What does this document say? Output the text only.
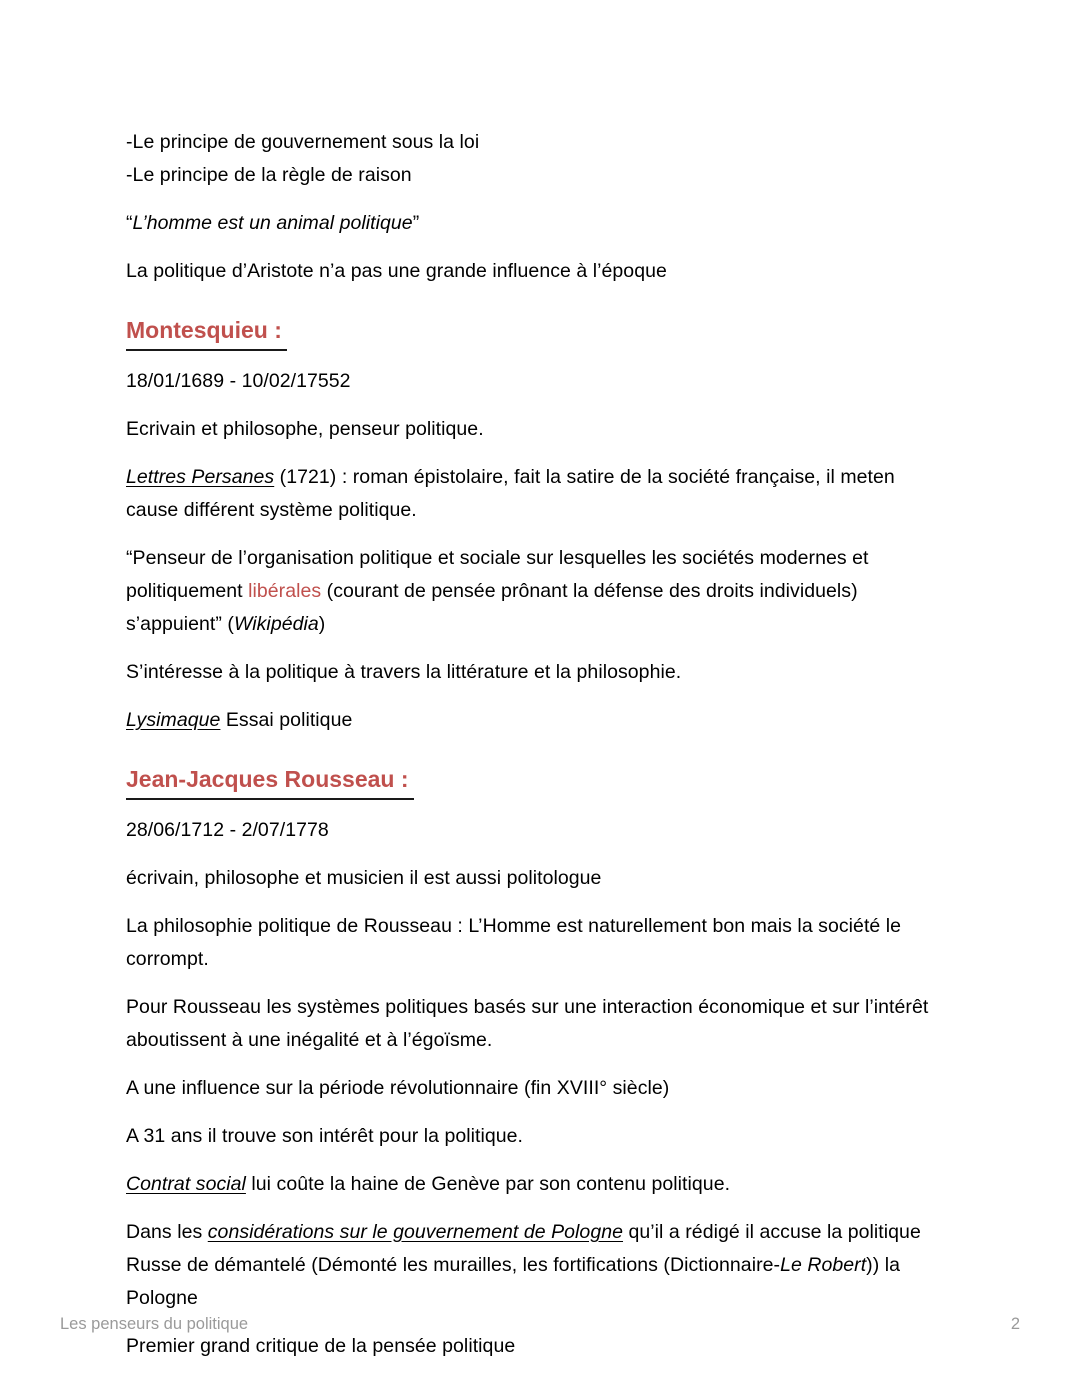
-Le principe de gouvernement sous la loi

-Le principe de la règle de raison

“L’homme est un animal politique”

La politique d’Aristote n’a pas une grande influence à l’époque

Montesquieu :

18/01/1689 - 10/02/17552

Ecrivain et philosophe, penseur politique.

Lettres Persanes (1721) : roman épistolaire, fait la satire de la société française, il meten cause différent système politique.

“Penseur de l’organisation politique et sociale sur lesquelles les sociétés modernes et politiquement libérales (courant de pensée prônant la défense des droits individuels) s’appuient” (Wikipédia)

S’intéresse à la politique à travers la littérature et la philosophie.

Lysimaque Essai politique

Jean-Jacques Rousseau :

28/06/1712 - 2/07/1778

écrivain, philosophe et musicien il est aussi politologue

La philosophie politique de Rousseau : L’Homme est naturellement bon mais la société le corrompt.

Pour Rousseau les systèmes politiques basés sur une interaction économique et sur l’intérêt aboutissent à une inégalité et à l’égoïsme.

A une influence sur la période révolutionnaire (fin XVIII° siècle)

A 31 ans il trouve son intérêt pour la politique.

Contrat social lui coûte la haine de Genève par son contenu politique.

Dans les considérations sur le gouvernement de Pologne qu’il a rédigé il accuse la politique Russe de démantelé (Démonté les murailles, les fortifications (Dictionnaire-Le Robert)) la Pologne

Premier grand critique de la pensée politique

Les penseurs du politique	2
